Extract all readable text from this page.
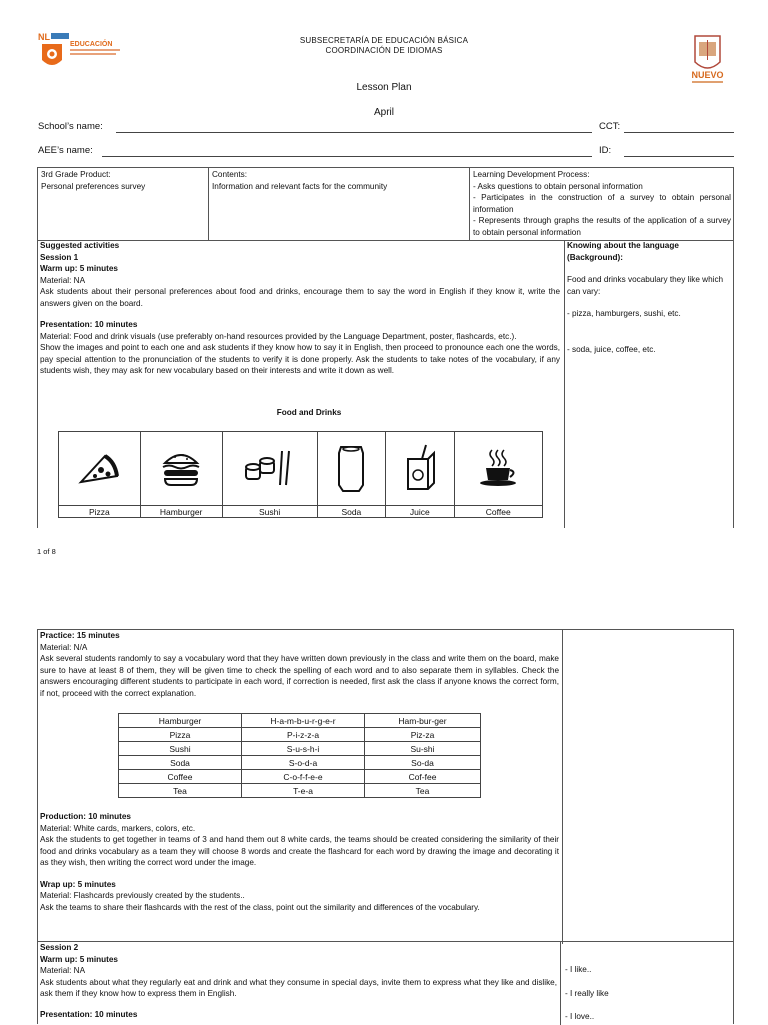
NL
EDUCACIÓN	SUBSECRETARÍA DE EDUCACIÓN BÁSICA
COORDINACIÓN DE IDIOMAS
NUEVO
Lesson Plan
April
School’s name:	CCT:
AEE’s name:	ID:

3rd Grade Product:

Personal preferences survey

Contents:

Information and relevant facts for the community

Learning Development Process:

- Asks questions to obtain personal information

- Participates in the construction of a survey to obtain personal information

- Represents through graphs the results of the application of a survey to obtain personal information

Suggested activities

Session 1

Warm up: 5 minutes

Material: NA

Ask students about their personal preferences about food and drinks, encourage them to say the word in English if they know it, write the answers given on the board.

Presentation: 10 minutes

Material: Food and drink visuals (use preferably on-hand resources provided by the Language Department, poster, flashcards, etc.).

Show the images and point to each one and ask students if they know how to say it in English, then proceed to pronounce each one the words, pay special attention to the pronunciation of the students to verify it is done properly. Ask the students to take notes of the vocabulary, if any students wish, they may ask for new vocabulary based on their interests and write it down as well.

Food and Drinks

Pizza	Hamburger	Sushi	Soda	Juice	Coffee

Knowing about the language (Background):

Food and drinks vocabulary they like which can vary:

- pizza, hamburgers, sushi, etc.

- soda, juice, coffee, etc.

1 of 8

Practice: 15 minutes

Material: N/A

Ask several students randomly to say a vocabulary word that they have written down previously in the class and write them on the board, make sure to have at least 8 of them, they will be given time to check the spelling of each word and to also separate them in syllables. Check the answers encouraging different students to participate in each word, if correction is needed, first ask the class if anyone knows the correct form, if not, proceed with the correct explanation.

Hamburger	H-a-m-b-u-r-g-e-r	Ham-bur-ger
Pizza	P-i-z-z-a	Piz-za
Sushi	S-u-s-h-i	Su-shi
Soda	S-o-d-a	So-da
Coffee	C-o-f-f-e-e	Cof-fee
Tea	T-e-a	Tea

Production: 10 minutes

Material: White cards, markers, colors, etc.

Ask the students to get together in teams of 3 and hand them out 8 white cards, the teams should be created considering the similarity of their food and drinks vocabulary as a team they will choose 8 words and create the flashcard for each word by drawing the image and decorating it as they wish, then writing the correct word under the image.

Wrap up: 5 minutes

Material: Flashcards previously created by the students..

Ask the teams to share their flashcards with the rest of the class, point out the similarity and differences of the vocabulary.

Session 2

Warm up: 5 minutes

Material: NA

Ask students about what they regularly eat and drink and what they consume in special days, invite them to express what they like and dislike, ask them if they know how to express them in English.

Presentation: 10 minutes

- I like..

- I really like

- I love..
